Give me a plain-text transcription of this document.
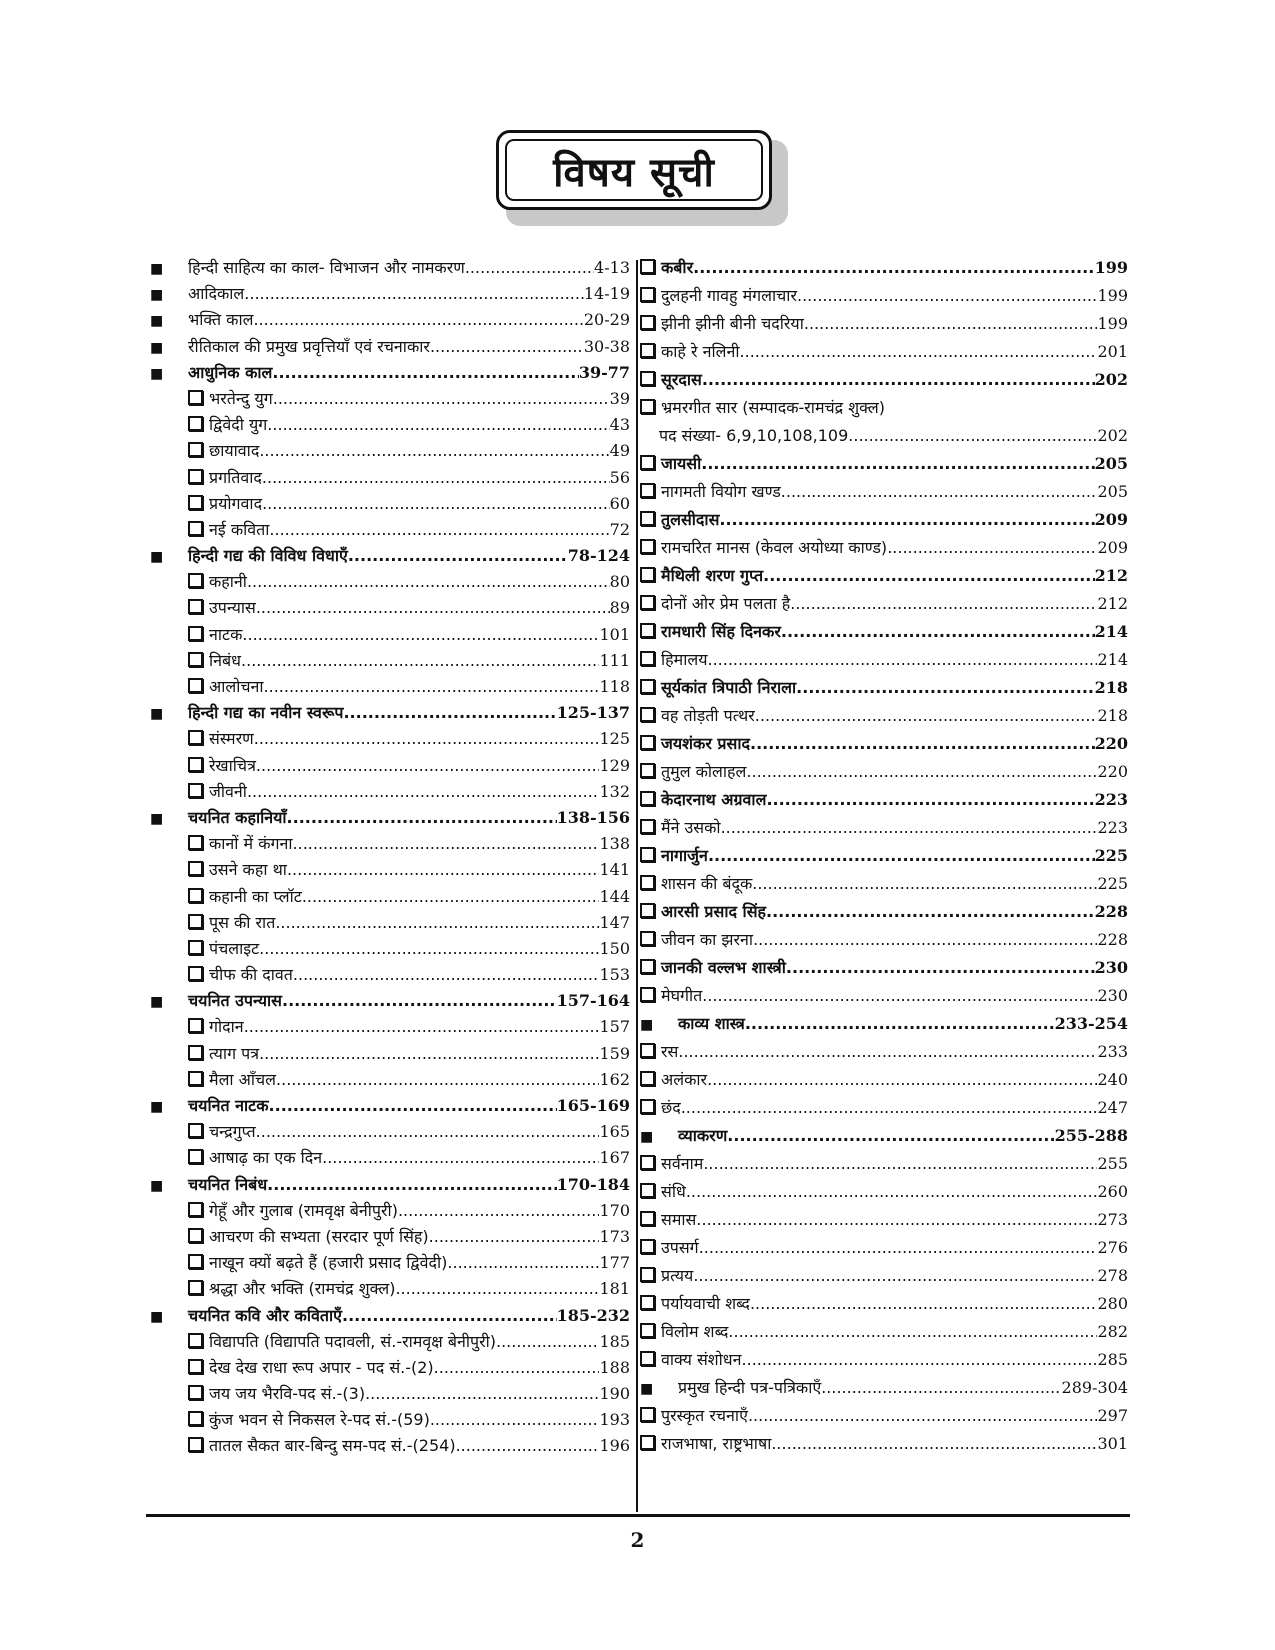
विषय सूची
■
हिन्दी साहित्य का काल- विभाजन और नामकरण .....	4-13
■
आदिकाल .....	14-19
■
भक्ति काल .....	20-29
■
रीतिकाल की प्रमुख प्रवृत्तियाँ एवं रचनाकार .....	30-38
■
आधुनिक काल .....	39-77
भरतेन्दु युग .....	39
द्विवेदी युग .....	43
छायावाद .....	49
प्रगतिवाद .....	56
प्रयोगवाद .....	60
नई कविता .....	72
■
हिन्दी गद्य की विविध विधाएँ .....	78-124
कहानी .....	80
उपन्यास .....	89
नाटक .....	101
निबंध .....	111
आलोचना .....	118
■
हिन्दी गद्य का नवीन स्वरूप .....	125-137
संस्मरण .....	125
रेखाचित्र .....	129
जीवनी .....	132
■
चयनित कहानियाँ .....	138-156
कानों में कंगना .....	138
उसने कहा था .....	141
कहानी का प्लॉट .....	144
पूस की रात .....	147
पंचलाइट .....	150
चीफ की दावत .....	153
■
चयनित उपन्यास .....	157-164
गोदान .....	157
त्याग पत्र .....	159
मैला आँचल .....	162
■
चयनित नाटक .....	165-169
चन्द्रगुप्त .....	165
आषाढ़ का एक दिन .....	167
■
चयनित निबंध .....	170-184
गेहूँ और गुलाब (रामवृक्ष बेनीपुरी) .....	170
आचरण की सभ्यता (सरदार पूर्ण सिंह) .....	173
नाखून क्यों बढ़ते हैं (हजारी प्रसाद द्विवेदी) .....	177
श्रद्धा और भक्ति (रामचंद्र शुक्ल) .....	181
■
चयनित कवि और कविताएँ .....	185-232
विद्यापति (विद्यापति पदावली, सं.-रामवृक्ष बेनीपुरी) .....	185
देख देख राधा रूप अपार - पद सं.-(2) .....	188
जय जय भैरवि-पद सं.-(3) .....	190
कुंज भवन से निकसल रे-पद सं.-(59) .....	193
तातल सैकत बार-बिन्दु सम-पद सं.-(254) .....	196
कबीर .....	199
दुलहनी गावहु मंगलाचार .....	199
झीनी झीनी बीनी चदरिया .....	199
काहे रे नलिनी .....	201
सूरदास .....	202
भ्रमरगीत सार (सम्पादक-रामचंद्र शुक्ल)
पद संख्या- 6,9,10,108,109 .....	202
जायसी .....	205
नागमती वियोग खण्ड .....	205
तुलसीदास .....	209
रामचरित मानस (केवल अयोध्या काण्ड) .....	209
मैथिली शरण गुप्त .....	212
दोनों ओर प्रेम पलता है .....	212
रामधारी सिंह दिनकर .....	214
हिमालय .....	214
सूर्यकांत त्रिपाठी निराला .....	218
वह तोड़ती पत्थर .....	218
जयशंकर प्रसाद .....	220
तुमुल कोलाहल .....	220
केदारनाथ अग्रवाल .....	223
मैंने उसको .....	223
नागार्जुन .....	225
शासन की बंदूक .....	225
आरसी प्रसाद सिंह .....	228
जीवन का झरना .....	228
जानकी वल्लभ शास्त्री .....	230
मेघगीत .....	230
■
काव्य शास्त्र .....	233-254
रस .....	233
अलंकार .....	240
छंद .....	247
■
व्याकरण .....	255-288
सर्वनाम .....	255
संधि .....	260
समास .....	273
उपसर्ग .....	276
प्रत्यय .....	278
पर्यायवाची शब्द .....	280
विलोम शब्द .....	282
वाक्य संशोधन .....	285
■
प्रमुख हिन्दी पत्र-पत्रिकाएँ .....	289-304
पुरस्कृत रचनाएँ .....	297
राजभाषा, राष्ट्रभाषा .....	301
2
